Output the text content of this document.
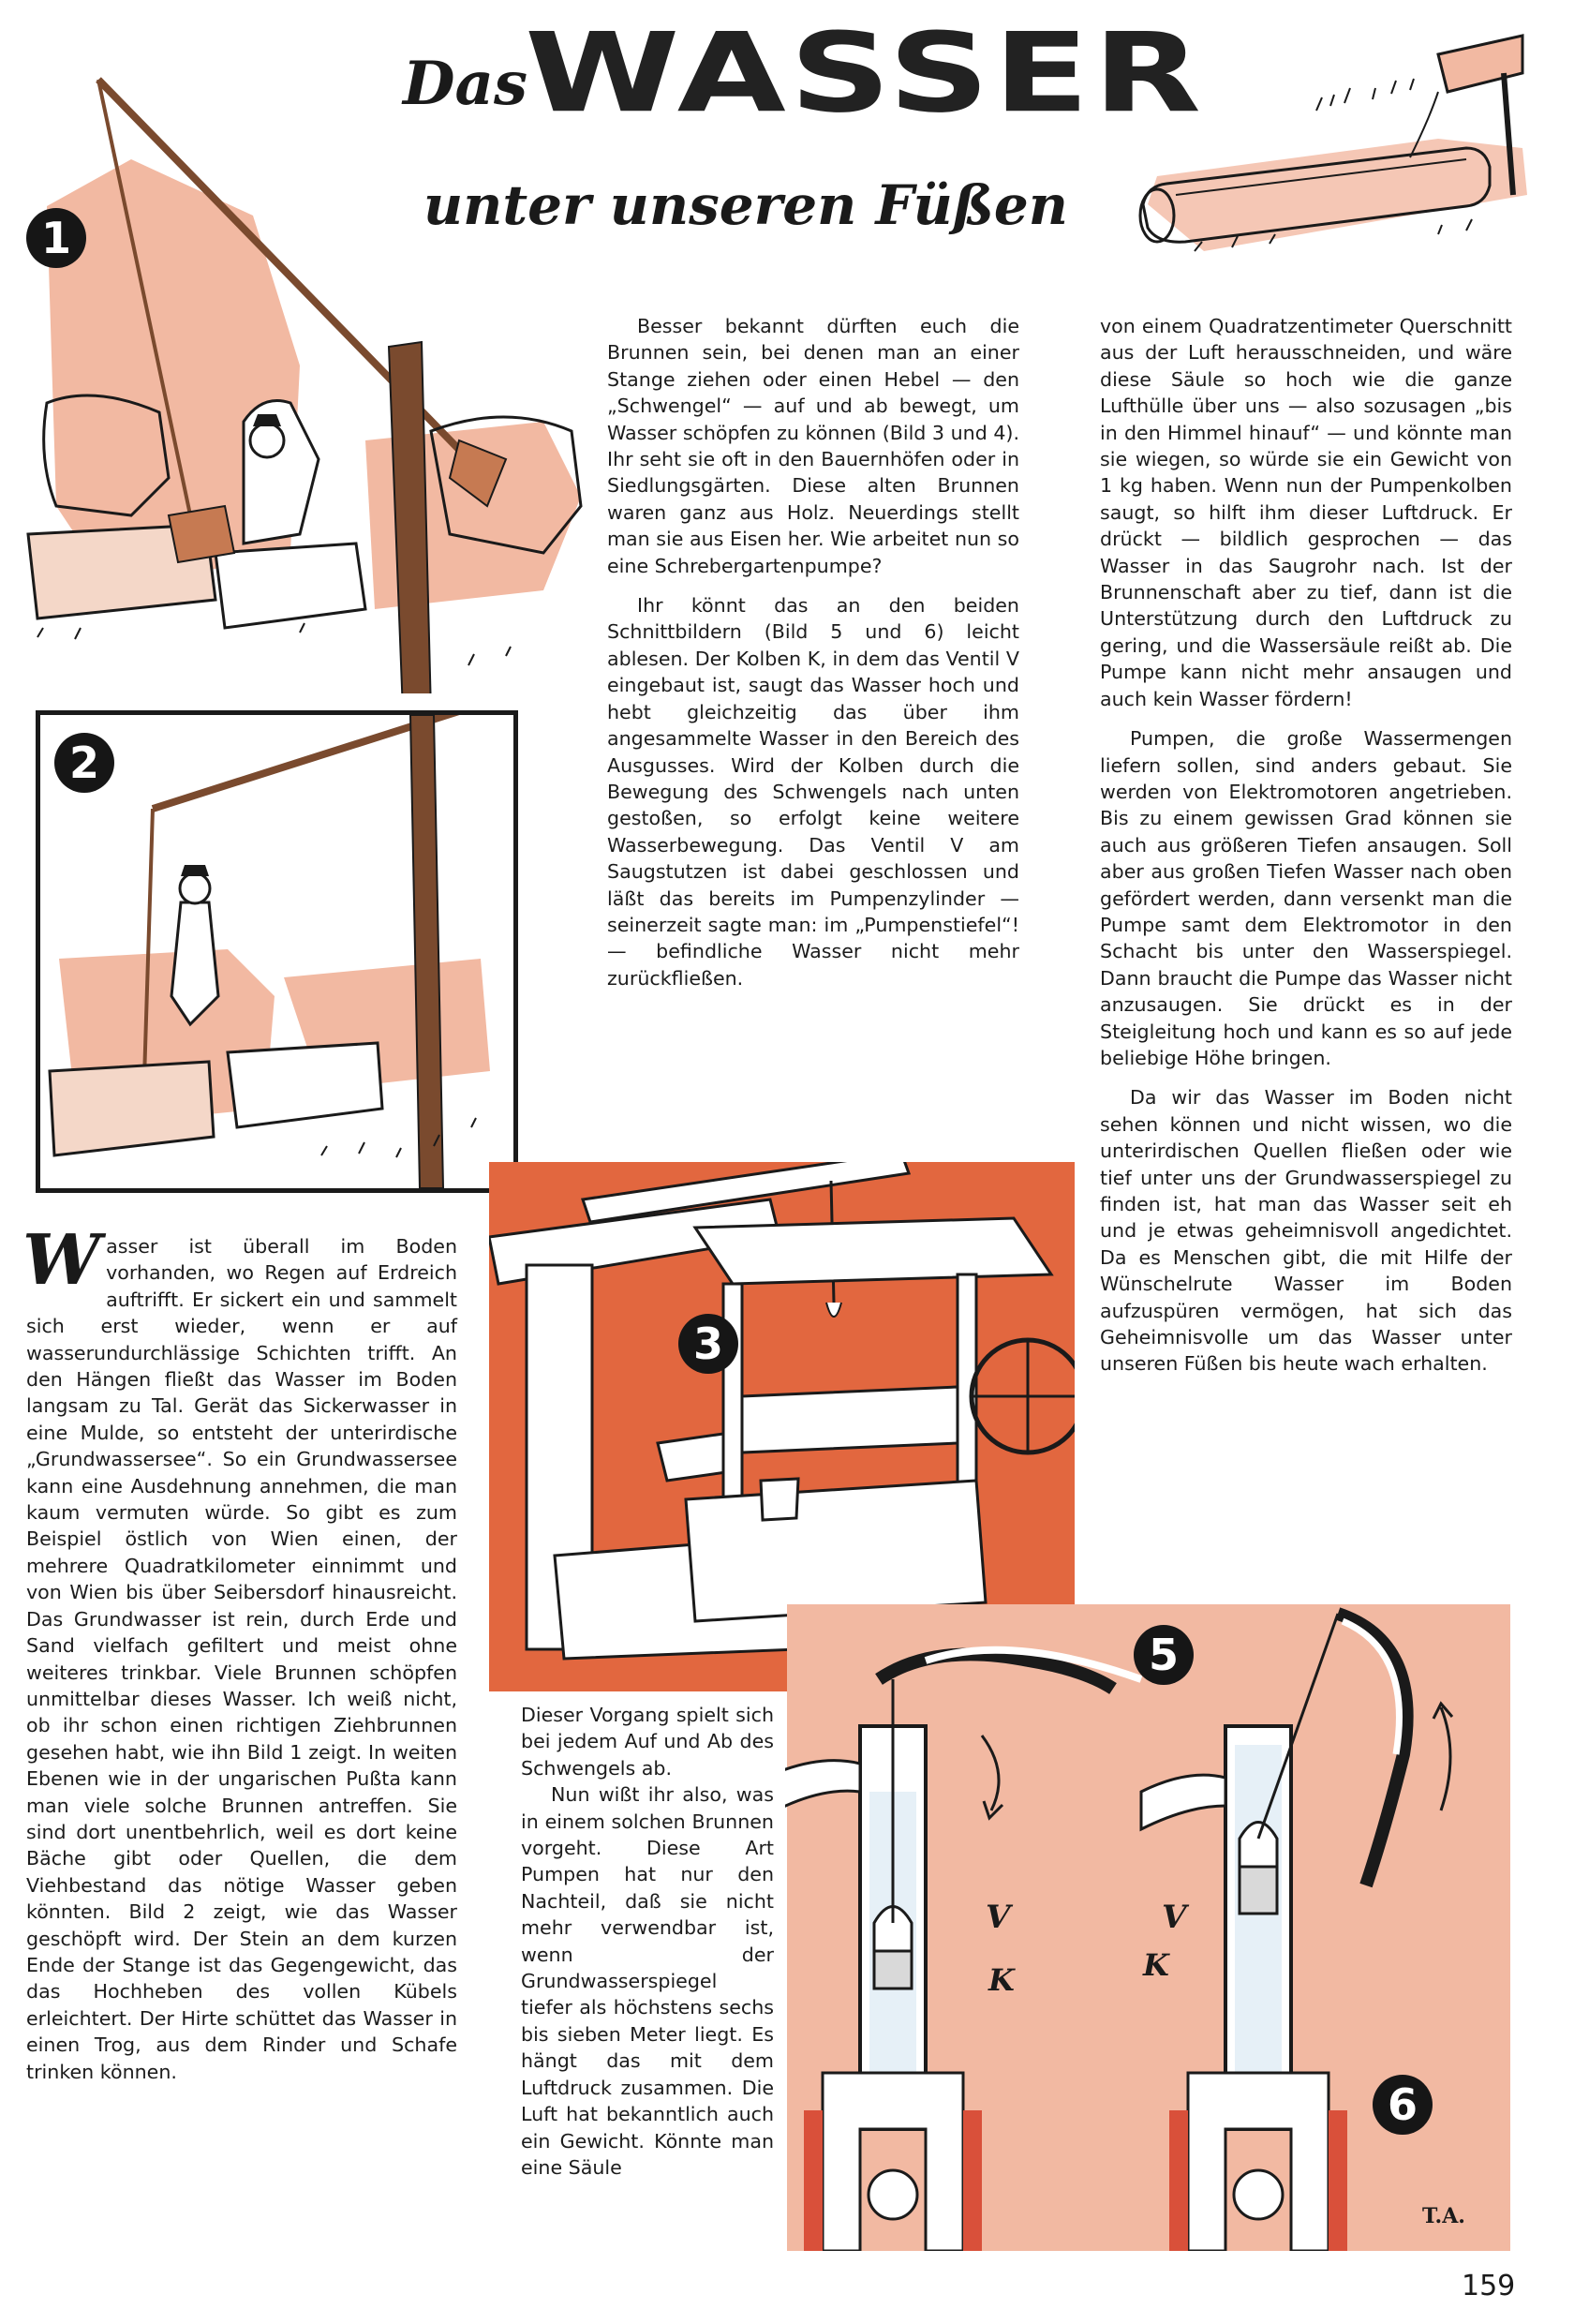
Das
WASSER
unter unseren Füßen
1
2
3
5
6
V
K
V
K
T.A.

Besser bekannt dürften euch die Brunnen sein, bei denen man an einer Stange ziehen oder einen Hebel — den „Schwengel“ — auf und ab bewegt, um Wasser schöpfen zu können (Bild 3 und 4). Ihr seht sie oft in den Bauernhöfen oder in Siedlungsgärten. Diese alten Brunnen waren ganz aus Holz. Neuerdings stellt man sie aus Eisen her. Wie arbeitet nun so eine Schrebergartenpumpe?

Ihr könnt das an den beiden Schnittbildern (Bild 5 und 6) leicht ablesen. Der Kolben K, in dem das Ventil V eingebaut ist, saugt das Wasser hoch und hebt gleichzeitig das über ihm angesammelte Wasser in den Bereich des Ausgusses. Wird der Kolben durch die Bewegung des Schwengels nach unten gestoßen, so erfolgt keine weitere Wasserbewegung. Das Ventil V am Saugstutzen ist dabei geschlossen und läßt das bereits im Pumpenzylinder — seinerzeit sagte man: im „Pumpenstiefel“! — befindliche Wasser nicht mehr zurückfließen.

von einem Quadratzentimeter Querschnitt aus der Luft herausschneiden, und wäre diese Säule so hoch wie die ganze Lufthülle über uns — also sozusagen „bis in den Himmel hinauf“ — und könnte man sie wiegen, so würde sie ein Gewicht von 1 kg haben. Wenn nun der Pumpenkolben saugt, so hilft ihm dieser Luftdruck. Er drückt — bildlich gesprochen — das Wasser in das Saugrohr nach. Ist der Brunnenschaft aber zu tief, dann ist die Unterstützung durch den Luftdruck zu gering, und die Wassersäule reißt ab. Die Pumpe kann nicht mehr ansaugen und auch kein Wasser fördern!

Pumpen, die große Wassermengen liefern sollen, sind anders gebaut. Sie werden von Elektromotoren angetrieben. Bis zu einem gewissen Grad können sie auch aus größeren Tiefen ansaugen. Soll aber aus großen Tiefen Wasser nach oben gefördert werden, dann versenkt man die Pumpe samt dem Elektromotor in den Schacht bis unter den Wasserspiegel. Dann braucht die Pumpe das Wasser nicht anzusaugen. Sie drückt es in der Steigleitung hoch und kann es so auf jede beliebige Höhe bringen.

Da wir das Wasser im Boden nicht sehen können und nicht wissen, wo die unterirdischen Quellen fließen oder wie tief unter uns der Grundwasserspiegel zu finden ist, hat man das Wasser seit eh und je etwas geheimnisvoll angedichtet. Da es Menschen gibt, die mit Hilfe der Wünschelrute Wasser im Boden aufzuspüren vermögen, hat sich das Geheimnisvolle um das Wasser unter unseren Füßen bis heute wach erhalten.

Wasser ist überall im Boden vorhanden, wo Regen auf Erdreich auftrifft. Er sickert ein und sammelt sich erst wieder, wenn er auf wasserundurchlässige Schichten trifft. An den Hängen fließt das Wasser im Boden langsam zu Tal. Gerät das Sickerwasser in eine Mulde, so entsteht der unterirdische „Grundwassersee“. So ein Grundwassersee kann eine Ausdehnung annehmen, die man kaum vermuten würde. So gibt es zum Beispiel östlich von Wien einen, der mehrere Quadratkilometer einnimmt und von Wien bis über Seibersdorf hinausreicht. Das Grundwasser ist rein, durch Erde und Sand vielfach gefiltert und meist ohne weiteres trinkbar. Viele Brunnen schöpfen unmittelbar dieses Wasser. Ich weiß nicht, ob ihr schon einen richtigen Ziehbrunnen gesehen habt, wie ihn Bild 1 zeigt. In weiten Ebenen wie in der ungarischen Pußta kann man viele solche Brunnen antreffen. Sie sind dort unentbehrlich, weil es dort keine Bäche gibt oder Quellen, die dem Viehbestand das nötige Wasser geben könnten. Bild 2 zeigt, wie das Wasser geschöpft wird. Der Stein an dem kurzen Ende der Stange ist das Gegengewicht, das das Hochheben des vollen Kübels erleichtert. Der Hirte schüttet das Wasser in einen Trog, aus dem Rinder und Schafe trinken können.

Dieser Vorgang spielt sich bei jedem Auf und Ab des Schwengels ab.

Nun wißt ihr also, was in einem solchen Brunnen vorgeht. Diese Art Pumpen hat nur den Nachteil, daß sie nicht mehr verwendbar ist, wenn der Grundwasserspiegel tiefer als höchstens sechs bis sieben Meter liegt. Es hängt das mit dem Luftdruck zusammen. Die Luft hat bekanntlich auch ein Gewicht. Könnte man eine Säule

159
